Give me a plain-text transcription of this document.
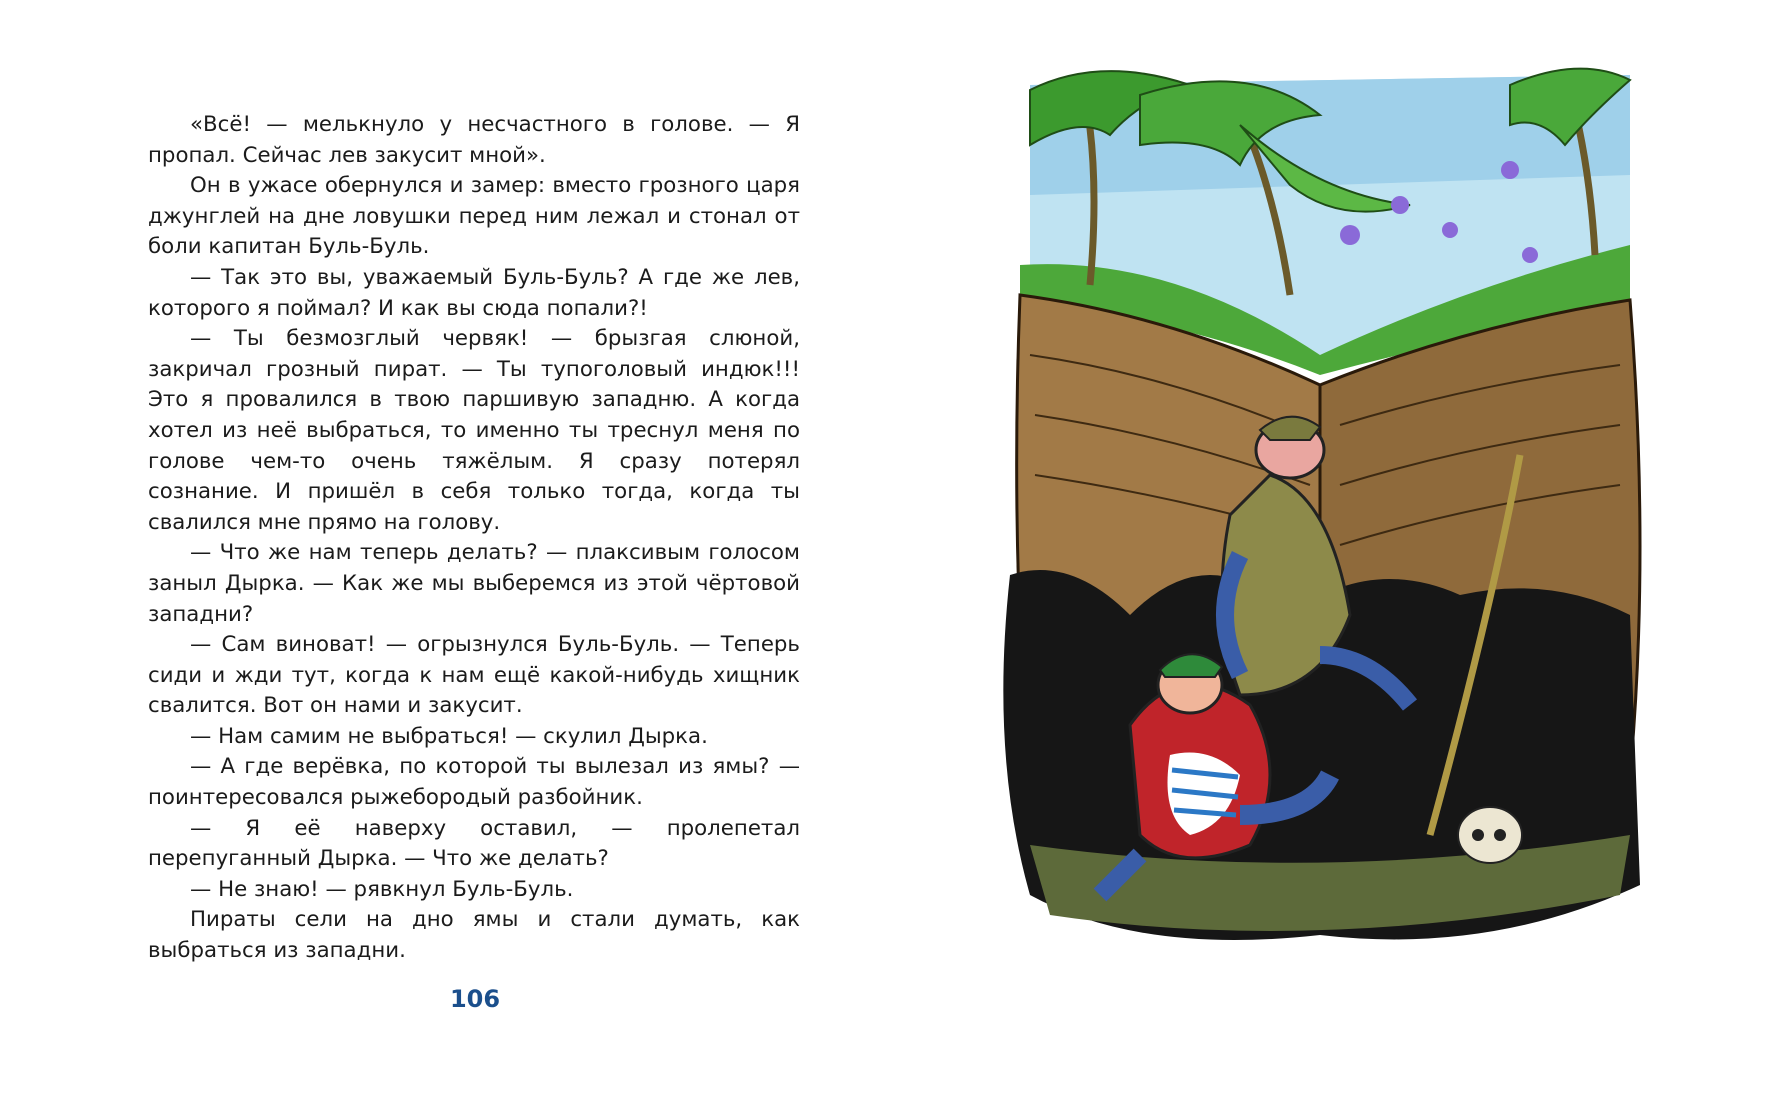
«Всё! — мелькнуло у несчастного в голове. — Я пропал. Сейчас лев закусит мной».

Он в ужасе обернулся и замер: вместо грозного царя джунглей на дне ловушки перед ним лежал и стонал от боли капитан Буль-Буль.

— Так это вы, уважаемый Буль-Буль? А где же лев, которого я поймал? И как вы сюда попали?!

— Ты безмозглый червяк! — брызгая слюной, закричал грозный пират. — Ты тупоголовый индюк!!! Это я провалился в твою паршивую западню. А когда хотел из неё выбраться, то именно ты треснул меня по голове чем-то очень тяжёлым. Я сразу потерял сознание. И пришёл в себя только тогда, когда ты свалился мне прямо на голову.

— Что же нам теперь делать? — плаксивым голосом заныл Дырка. — Как же мы выберемся из этой чёртовой западни?

— Сам виноват! — огрызнулся Буль-Буль. — Теперь сиди и жди тут, когда к нам ещё какой-нибудь хищник свалится. Вот он нами и закусит.

— Нам самим не выбраться! — скулил Дырка.

— А где верёвка, по которой ты вылезал из ямы? — поинтересовался рыжебородый разбойник.

— Я её наверху оставил, — пролепетал перепуганный Дырка. — Что же делать?

— Не знаю! — рявкнул Буль-Буль.

Пираты сели на дно ямы и стали думать, как выбраться из западни.

106
